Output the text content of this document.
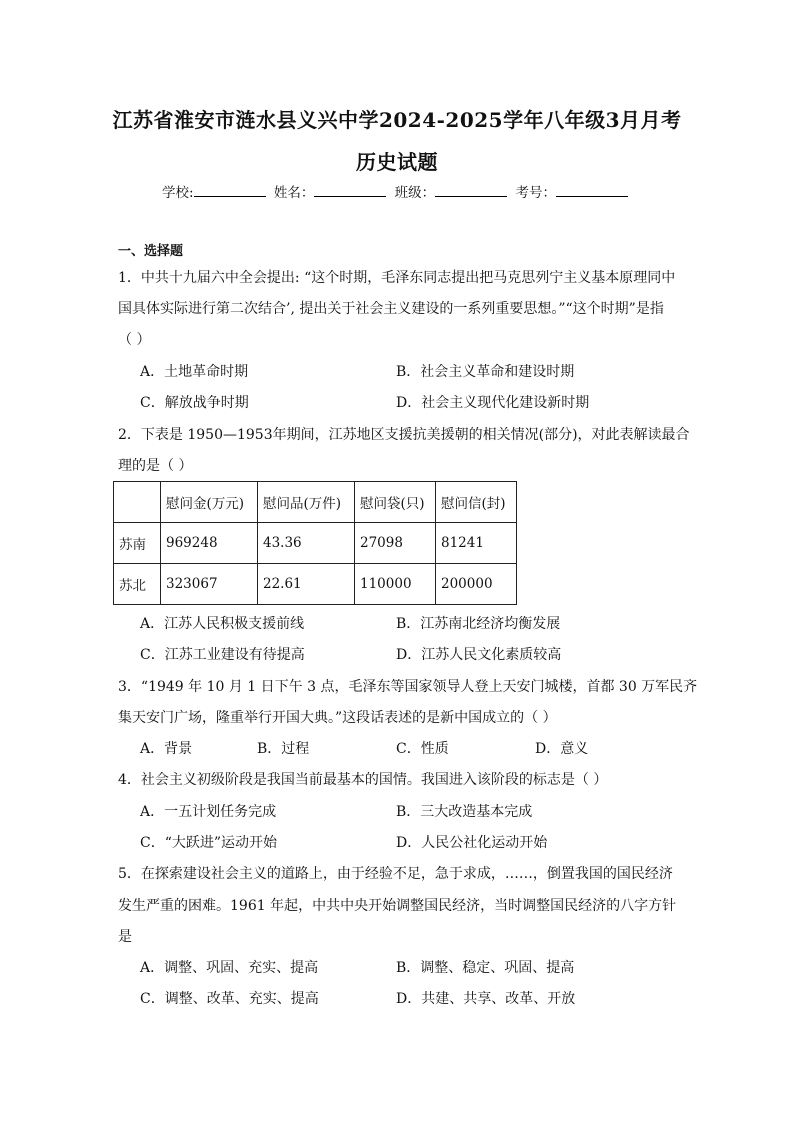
江苏省淮安市涟水县义兴中学2024-2025学年八年级3月月考
历史试题
学校:	姓名：	班级：	考号：
一、选择题
1．中共十九届六中全会提出: “这个时期，毛泽东同志提出把马克思列宁主义基本原理同中
国具体实际进行第二次结合’, 提出关于社会主义建设的一系列重要思想。”“这个时期”是指
（ ）
A．土地革命时期	B．社会主义革命和建设时期
C．解放战争时期	D．社会主义现代化建设新时期
2．下表是 1950—1953年期间，江苏地区支援抗美援朝的相关情况(部分)，对此表解读最合
理的是（ ）
	慰问金(万元)	慰问品(万件)	慰问袋(只)	慰问信(封)
苏南	969248	43.36	27098	81241
苏北	323067	22.61	110000	200000
A．江苏人民积极支援前线	B．江苏南北经济均衡发展
C．江苏工业建设有待提高	D．江苏人民文化素质较高
3．“1949 年 10 月 1 日下午 3 点，毛泽东等国家领导人登上天安门城楼，首都 30 万军民齐
集天安门广场，隆重举行开国大典。”这段话表述的是新中国成立的（ ）
A．背景	B．过程	C．性质	D．意义
4．社会主义初级阶段是我国当前最基本的国情。我国进入该阶段的标志是（ ）
A．一五计划任务完成	B．三大改造基本完成
C．“大跃进”运动开始	D．人民公社化运动开始
5．在探索建设社会主义的道路上，由于经验不足，急于求成，……，倒置我国的国民经济
发生严重的困难。1961 年起，中共中央开始调整国民经济，当时调整国民经济的八字方针
是
A．调整、巩固、充实、提高	B．调整、稳定、巩固、提高
C．调整、改革、充实、提高	D．共建、共享、改革、开放
